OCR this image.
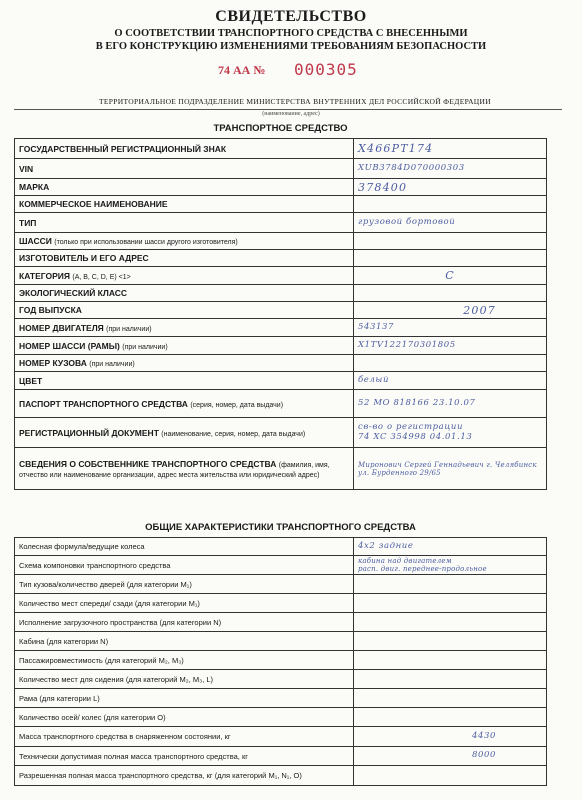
СВИДЕТЕЛЬСТВО
О СООТВЕТСТВИИ ТРАНСПОРТНОГО СРЕДСТВА С ВНЕСЕННЫМИ
В ЕГО КОНСТРУКЦИЮ ИЗМЕНЕНИЯМИ ТРЕБОВАНИЯМ БЕЗОПАСНОСТИ
74 АА № 000305
ТЕРРИТОРИАЛЬНОЕ ПОДРАЗДЕЛЕНИЕ МИНИСТЕРСТВА ВНУТРЕННИХ ДЕЛ РОССИЙСКОЙ ФЕДЕРАЦИИ
(наименование, адрес)
ТРАНСПОРТНОЕ СРЕДСТВО
ГОСУДАРСТВЕННЫЙ РЕГИСТРАЦИОННЫЙ ЗНАК	Х466РТ174
VIN	ХUВ3784D070000303
МАРКА	378400
КОММЕРЧЕСКОЕ НАИМЕНОВАНИЕ	
ТИП	грузовой бортовой
ШАССИ (только при использовании шасси другого изготовителя)	
ИЗГОТОВИТЕЛЬ И ЕГО АДРЕС	
КАТЕГОРИЯ (A, B, C, D, E) <1>	C
ЭКОЛОГИЧЕСКИЙ КЛАСС	
ГОД ВЫПУСКА	2007
НОМЕР ДВИГАТЕЛЯ (при наличии)	543137
НОМЕР ШАССИ (РАМЫ) (при наличии)	Х1ТV122170301805
НОМЕР КУЗОВА (при наличии)	
ЦВЕТ	белый
ПАСПОРТ ТРАНСПОРТНОГО СРЕДСТВА (серия, номер, дата выдачи)	52 МО 818166 23.10.07
РЕГИСТРАЦИОННЫЙ ДОКУМЕНТ (наименование, серия, номер, дата выдачи)	св-во о регистрации
74 ХС 354998 04.01.13
СВЕДЕНИЯ О СОБСТВЕННИКЕ ТРАНСПОРТНОГО СРЕДСТВА (фамилия, имя, отчество или наименование организации, адрес места жительства или юридический адрес)	Миронович Сергей Геннадьевич г. Челябинск
ул. Бурденного 29/65
ОБЩИЕ ХАРАКТЕРИСТИКИ ТРАНСПОРТНОГО СРЕДСТВА
Колесная формула/ведущие колеса	4х2 задние
Схема компоновки транспортного средства	кабина над двигателем
расп. двиг. переднее-продольное
Тип кузова/количество дверей (для категории M₁)	
Количество мест спереди/ сзади (для категории M₁)	
Исполнение загрузочного пространства (для категории N)	
Кабина (для категории N)	
Пассажировместимость (для категорий M₂, M₃)	
Количество мест для сидения (для категорий M₂, M₃, L)	
Рама (для категории L)	
Количество осей/ колес (для категории O)	
Масса транспортного средства в снаряженном состоянии, кг	4430
Технически допустимая полная масса транспортного средства, кг	8000
Разрешенная полная масса транспортного средства, кг (для категорий M₁, N₁, O)	
